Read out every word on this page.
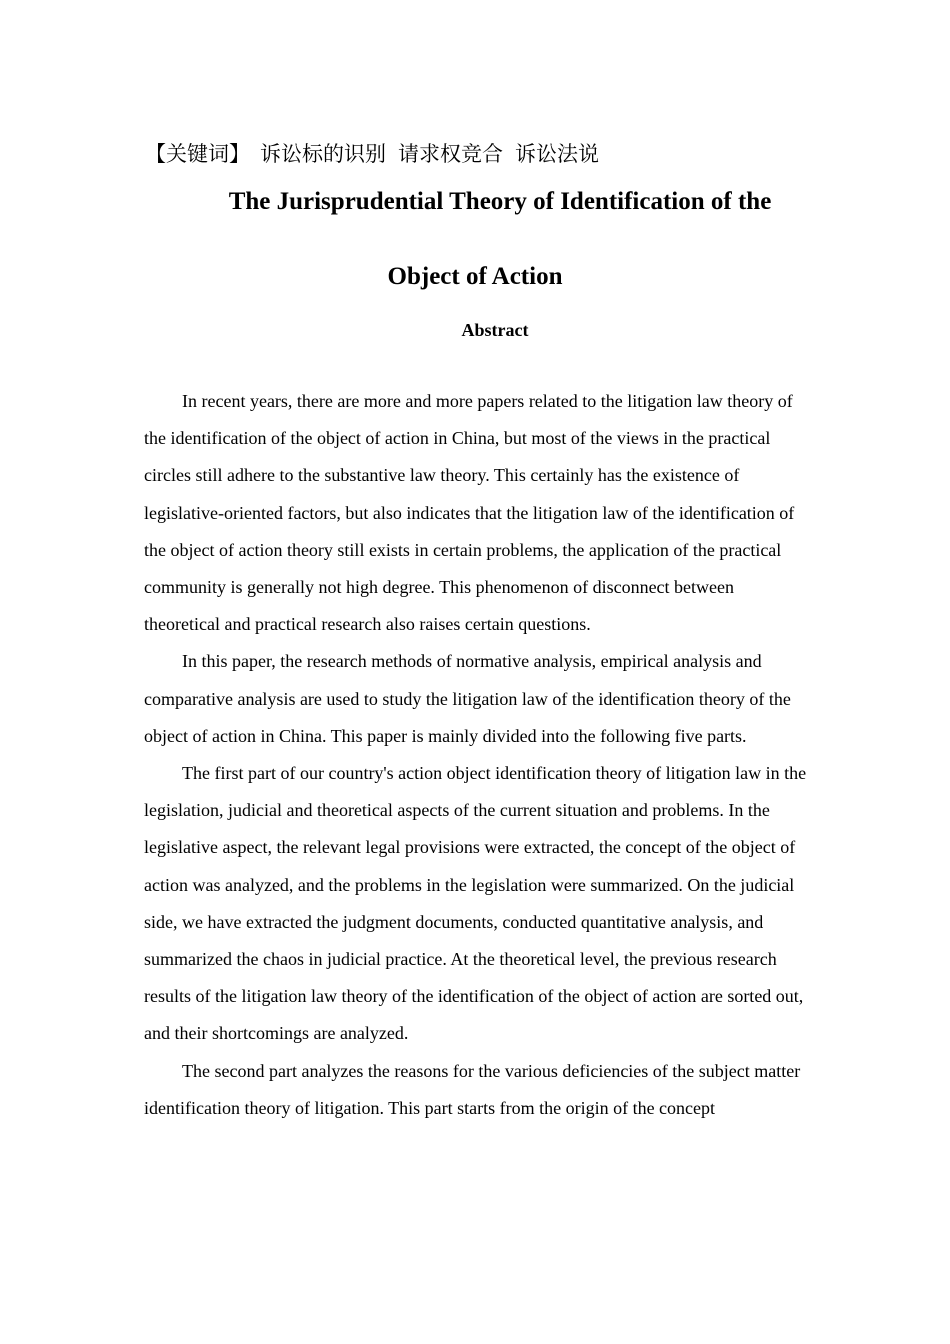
【关键词】 诉讼标的识别 请求权竞合 诉讼法说
The Jurisprudential Theory of Identification of the
Object of Action
Abstract

In recent years, there are more and more papers related to the litigation law theory of the identification of the object of action in China, but most of the views in the practical circles still adhere to the substantive law theory. This certainly has the existence of legislative-oriented factors, but also indicates that the litigation law of the identification of the object of action theory still exists in certain problems, the application of the practical community is generally not high degree. This phenomenon of disconnect between theoretical and practical research also raises certain questions.

In this paper, the research methods of normative analysis, empirical analysis and comparative analysis are used to study the litigation law of the identification theory of the object of action in China. This paper is mainly divided into the following five parts.

The first part of our country's action object identification theory of litigation law in the legislation, judicial and theoretical aspects of the current situation and problems. In the legislative aspect, the relevant legal provisions were extracted, the concept of the object of action was analyzed, and the problems in the legislation were summarized. On the judicial side, we have extracted the judgment documents, conducted quantitative analysis, and summarized the chaos in judicial practice. At the theoretical level, the previous research results of the litigation law theory of the identification of the object of action are sorted out, and their shortcomings are analyzed.

The second part analyzes the reasons for the various deficiencies of the subject matter identification theory of litigation. This part starts from the origin of the concept
